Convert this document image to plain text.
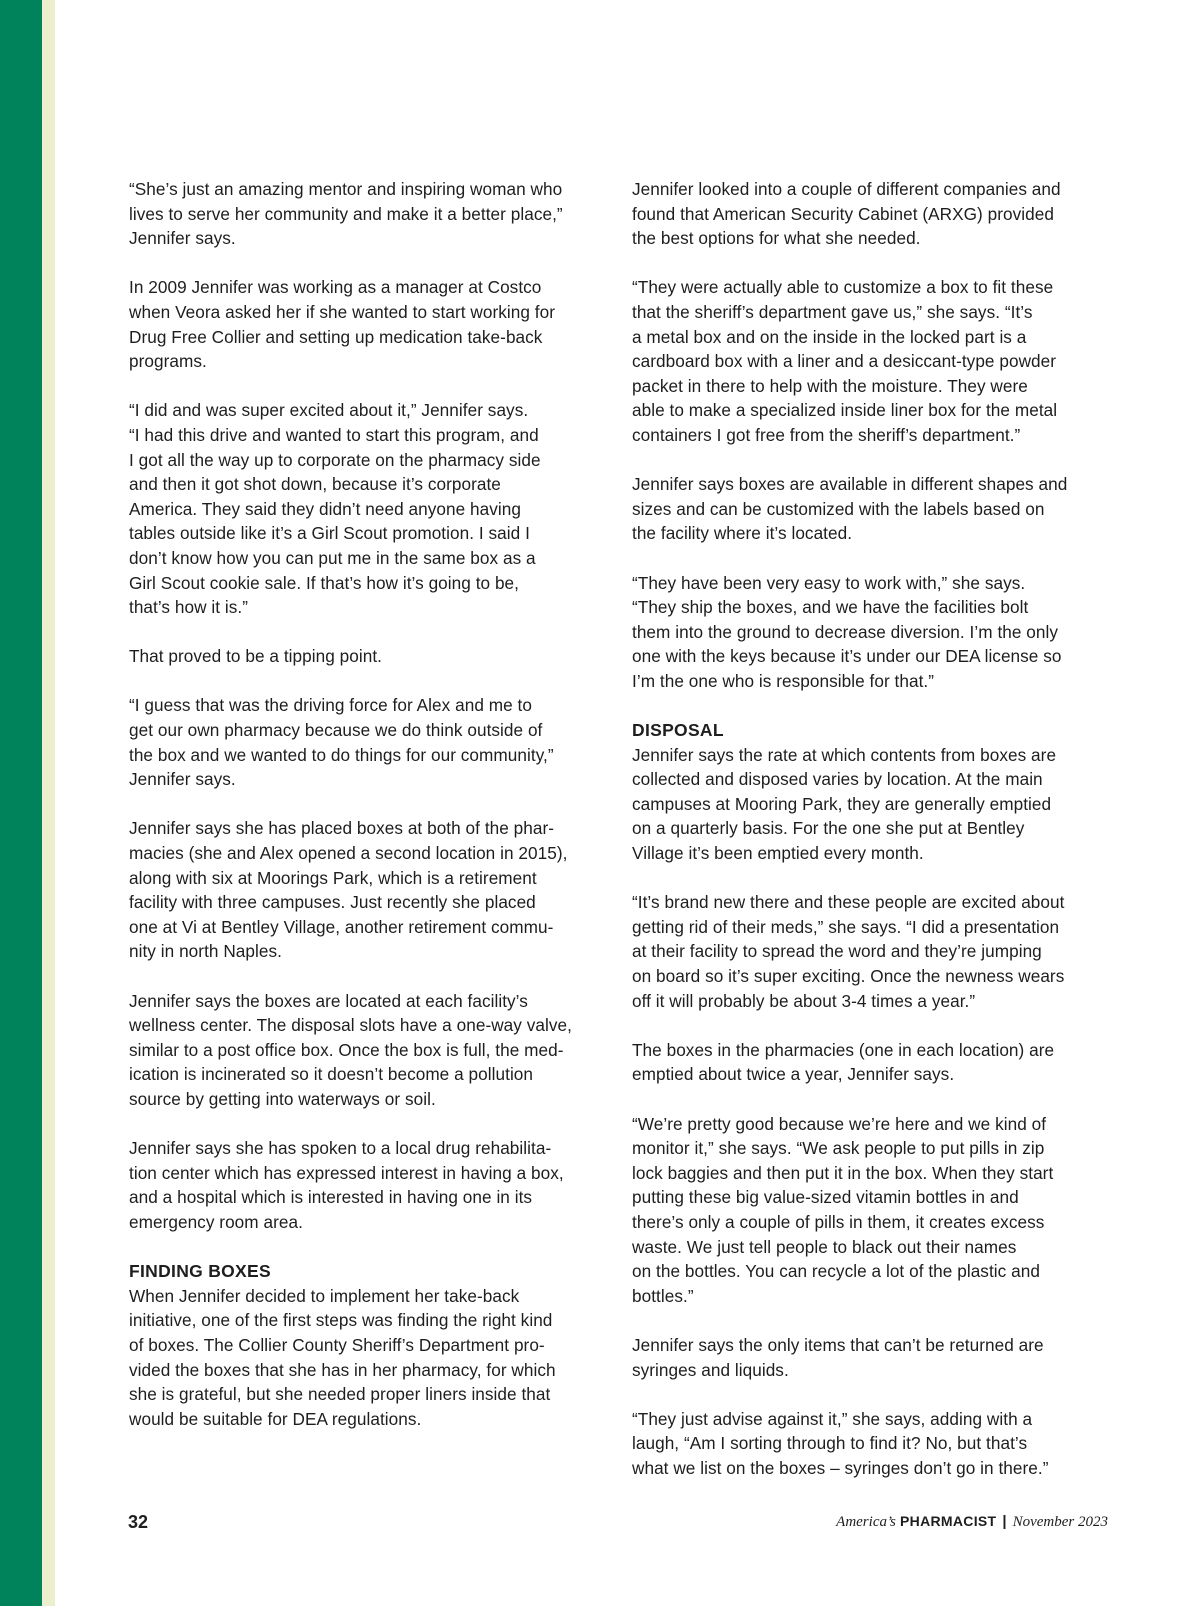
“She’s just an amazing mentor and inspiring woman who

lives to serve her community and make it a better place,”

Jennifer says.

In 2009 Jennifer was working as a manager at Costco

when Veora asked her if she wanted to start working for

Drug Free Collier and setting up medication take-back

programs.

“I did and was super excited about it,” Jennifer says.

“I had this drive and wanted to start this program, and

I got all the way up to corporate on the pharmacy side

and then it got shot down, because it’s corporate

America. They said they didn’t need anyone having

tables outside like it’s a Girl Scout promotion. I said I

don’t know how you can put me in the same box as a

Girl Scout cookie sale. If that’s how it’s going to be,

that’s how it is.”

That proved to be a tipping point.

“I guess that was the driving force for Alex and me to

get our own pharmacy because we do think outside of

the box and we wanted to do things for our community,”

Jennifer says.

Jennifer says she has placed boxes at both of the phar-

macies (she and Alex opened a second location in 2015),

along with six at Moorings Park, which is a retirement

facility with three campuses. Just recently she placed

one at Vi at Bentley Village, another retirement commu-

nity in north Naples.

Jennifer says the boxes are located at each facility’s

wellness center. The disposal slots have a one-way valve,

similar to a post office box. Once the box is full, the med-

ication is incinerated so it doesn’t become a pollution

source by getting into waterways or soil.

Jennifer says she has spoken to a local drug rehabilita-

tion center which has expressed interest in having a box,

and a hospital which is interested in having one in its

emergency room area.

FINDING BOXES

When Jennifer decided to implement her take-back

initiative, one of the first steps was finding the right kind

of boxes. The Collier County Sheriff’s Department pro-

vided the boxes that she has in her pharmacy, for which

she is grateful, but she needed proper liners inside that

would be suitable for DEA regulations.

Jennifer looked into a couple of different companies and

found that American Security Cabinet (ARXG) provided

the best options for what she needed.

“They were actually able to customize a box to fit these

that the sheriff’s department gave us,” she says. “It’s

a metal box and on the inside in the locked part is a

cardboard box with a liner and a desiccant-type powder

packet in there to help with the moisture. They were

able to make a specialized inside liner box for the metal

containers I got free from the sheriff’s department.”

Jennifer says boxes are available in different shapes and

sizes and can be customized with the labels based on

the facility where it’s located.

“They have been very easy to work with,” she says.

“They ship the boxes, and we have the facilities bolt

them into the ground to decrease diversion. I’m the only

one with the keys because it’s under our DEA license so

I’m the one who is responsible for that.”

DISPOSAL

Jennifer says the rate at which contents from boxes are

collected and disposed varies by location. At the main

campuses at Mooring Park, they are generally emptied

on a quarterly basis. For the one she put at Bentley

Village it’s been emptied every month.

“It’s brand new there and these people are excited about

getting rid of their meds,” she says. “I did a presentation

at their facility to spread the word and they’re jumping

on board so it’s super exciting. Once the newness wears

off it will probably be about 3-4 times a year.”

The boxes in the pharmacies (one in each location) are

emptied about twice a year, Jennifer says.

“We’re pretty good because we’re here and we kind of

monitor it,” she says. “We ask people to put pills in zip

lock baggies and then put it in the box. When they start

putting these big value-sized vitamin bottles in and

there’s only a couple of pills in them, it creates excess

waste. We just tell people to black out their names

on the bottles. You can recycle a lot of the plastic and

bottles.”

Jennifer says the only items that can’t be returned are

syringes and liquids.

“They just advise against it,” she says, adding with a

laugh, “Am I sorting through to find it? No, but that’s

what we list on the boxes – syringes don’t go in there.”

32	America’s PHARMACIST | November 2023
